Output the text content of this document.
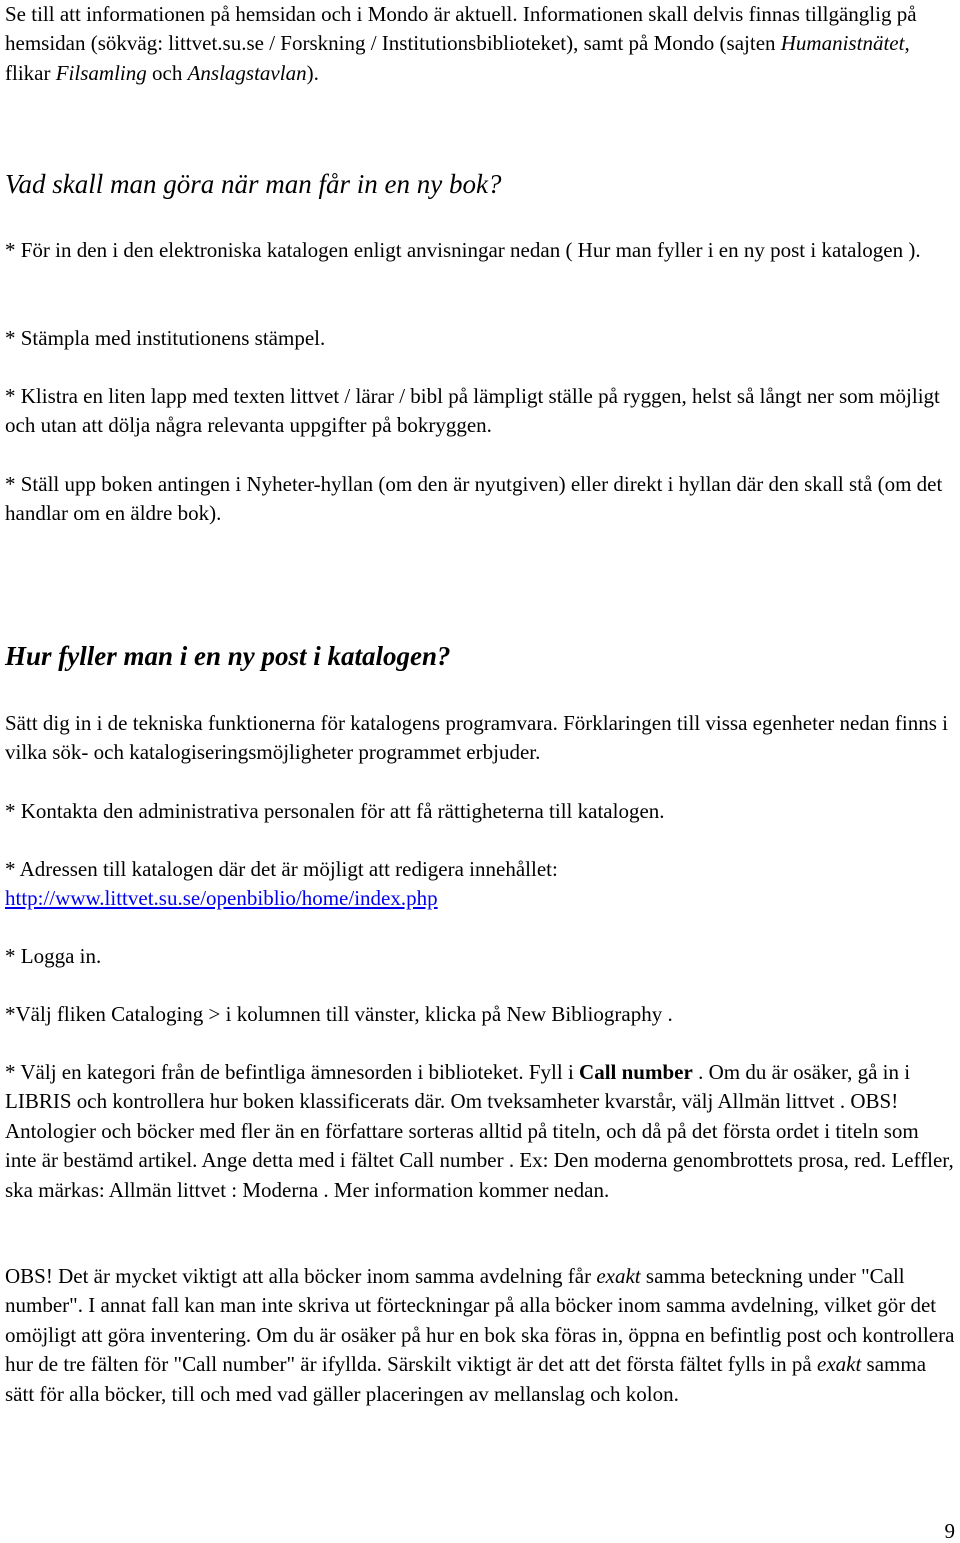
Se till att informationen på hemsidan och i Mondo är aktuell. Informationen skall delvis finnas tillgänglig på hemsidan (sökväg: littvet.su.se / Forskning / Institutionsbiblioteket), samt på Mondo (sajten Humanistnätet, flikar Filsamling och Anslagstavlan).

Vad skall man göra när man får in en ny bok?

* För in den i den elektroniska katalogen enligt anvisningar nedan ( Hur man fyller i en ny post i katalogen ).

* Stämpla med institutionens stämpel.

* Klistra en liten lapp med texten littvet / lärar / bibl på lämpligt ställe på ryggen, helst så långt ner som möjligt och utan att dölja några relevanta uppgifter på bokryggen.

* Ställ upp boken antingen i Nyheter-hyllan (om den är nyutgiven) eller direkt i hyllan där den skall stå (om det handlar om en äldre bok).

Hur fyller man i en ny post i katalogen?

Sätt dig in i de tekniska funktionerna för katalogens programvara. Förklaringen till vissa egenheter nedan finns i vilka sök- och katalogiseringsmöjligheter programmet erbjuder.

* Kontakta den administrativa personalen för att få rättigheterna till katalogen.

* Adressen till katalogen där det är möjligt att redigera innehållet:
http://www.littvet.su.se/openbiblio/home/index.php

* Logga in.

*Välj fliken Cataloging > i kolumnen till vänster, klicka på New Bibliography .

* Välj en kategori från de befintliga ämnesorden i biblioteket. Fyll i Call number . Om du är osäker, gå in i LIBRIS och kontrollera hur boken klassificerats där. Om tveksamheter kvarstår, välj Allmän littvet . OBS! Antologier och böcker med fler än en författare sorteras alltid på titeln, och då på det första ordet i titeln som inte är bestämd artikel. Ange detta med i fältet Call number . Ex: Den moderna genombrottets prosa, red. Leffler, ska märkas: Allmän littvet : Moderna . Mer information kommer nedan.

OBS! Det är mycket viktigt att alla böcker inom samma avdelning får exakt samma beteckning under "Call number". I annat fall kan man inte skriva ut förteckningar på alla böcker inom samma avdelning, vilket gör det omöjligt att göra inventering. Om du är osäker på hur en bok ska föras in, öppna en befintlig post och kontrollera hur de tre fälten för "Call number" är ifyllda. Särskilt viktigt är det att det första fältet fylls in på exakt samma sätt för alla böcker, till och med vad gäller placeringen av mellanslag och kolon.

9
